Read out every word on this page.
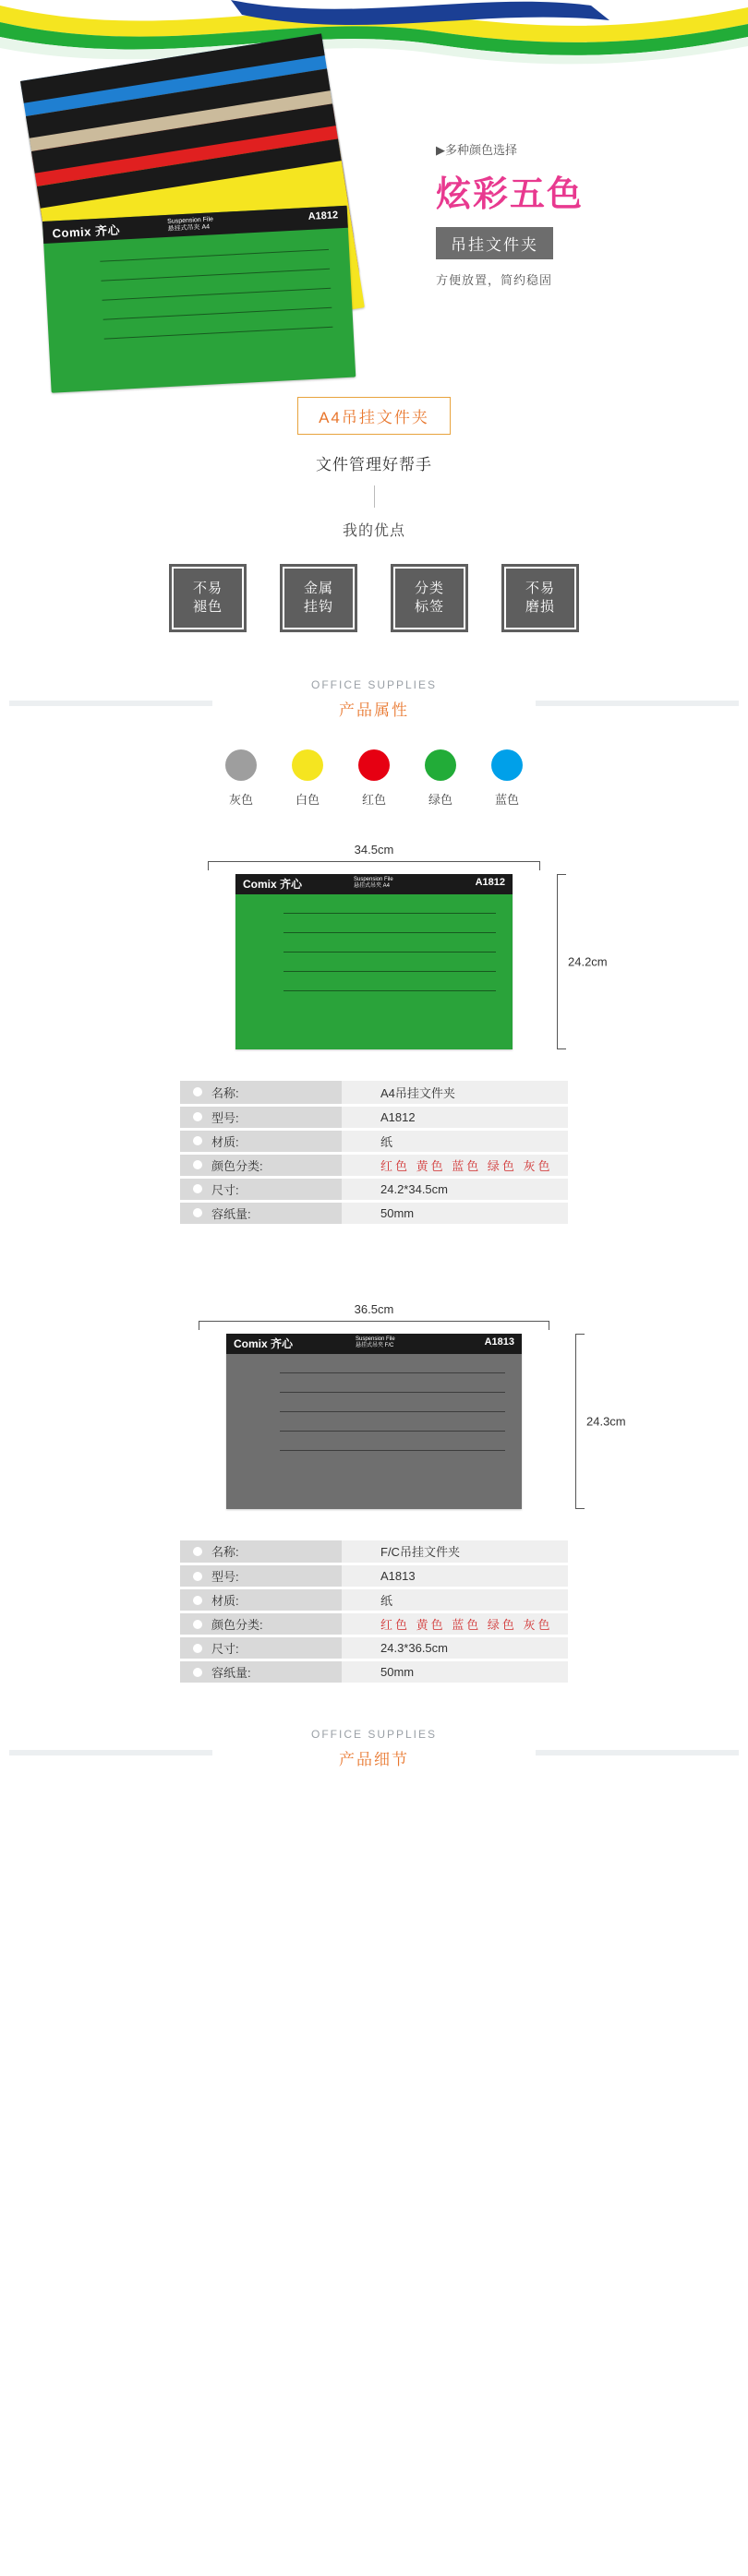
Comix 齐心
Suspension File
悬挂式吊夹 A4
A1812
▶多种颜色选择
炫彩五色
吊挂文件夹
方便放置，简约稳固
A4吊挂文件夹
文件管理好帮手
我的优点
不易
褪色
金属
挂钩
分类
标签
不易
磨损
OFFICE SUPPLIES
产品属性
灰色	白色	红色	绿色	蓝色
34.5cm
Comix 齐心	Suspension File
悬挂式吊夹 A4	A1812
24.2cm
名称:	A4吊挂文件夹

型号:	A1812

材质:	纸

颜色分类:	红色 黄色 蓝色 绿色 灰色

尺寸:	24.2*34.5cm

容纸量:	50mm
36.5cm
Comix 齐心	Suspension File
悬挂式吊夹 F/C	A1813
24.3cm
名称:	F/C吊挂文件夹

型号:	A1813

材质:	纸

颜色分类:	红色 黄色 蓝色 绿色 灰色

尺寸:	24.3*36.5cm

容纸量:	50mm
OFFICE SUPPLIES
产品细节
